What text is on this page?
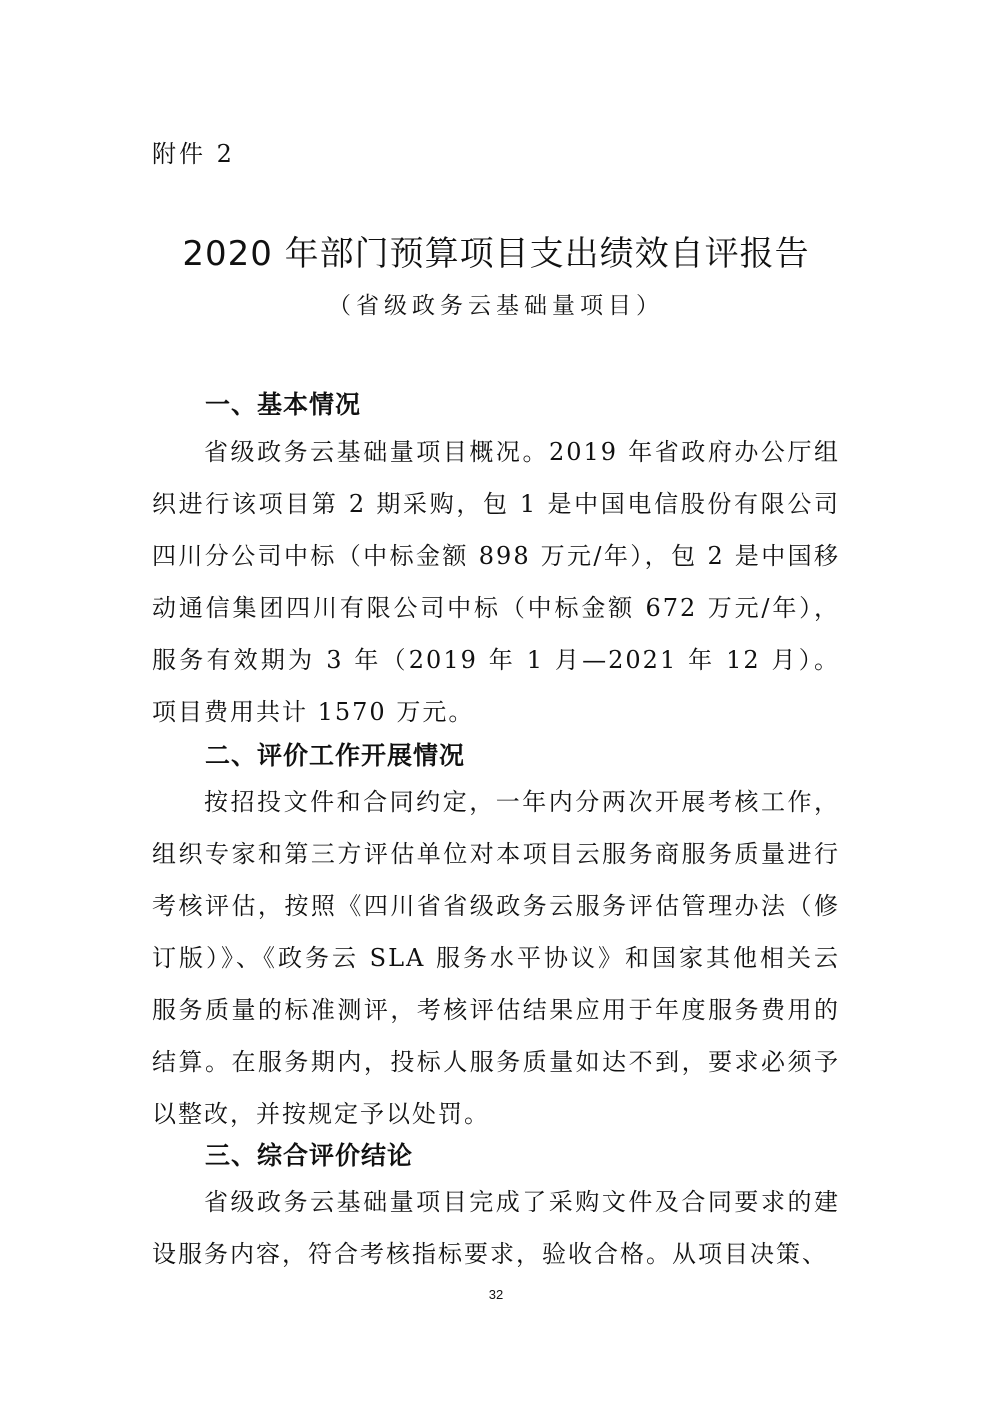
附件 2
2020 年部门预算项目支出绩效自评报告
（省级政务云基础量项目）
一、基本情况

省级政务云基础量项目概况。2019 年省政府办公厅组织进行该项目第 2 期采购，包 1 是中国电信股份有限公司四川分公司中标（中标金额 898 万元/年），包 2 是中国移动通信集团四川有限公司中标（中标金额 672 万元/年），服务有效期为 3 年（2019 年 1 月—2021 年 12 月）。项目费用共计 1570 万元。

二、评价工作开展情况

按招投文件和合同约定，一年内分两次开展考核工作，组织专家和第三方评估单位对本项目云服务商服务质量进行考核评估，按照《四川省省级政务云服务评估管理办法（修订版）》、《政务云 SLA 服务水平协议》和国家其他相关云服务质量的标准测评，考核评估结果应用于年度服务费用的结算。在服务期内，投标人服务质量如达不到，要求必须予以整改，并按规定予以处罚。

三、综合评价结论

省级政务云基础量项目完成了采购文件及合同要求的建设服务内容，符合考核指标要求，验收合格。从项目决策、

32
